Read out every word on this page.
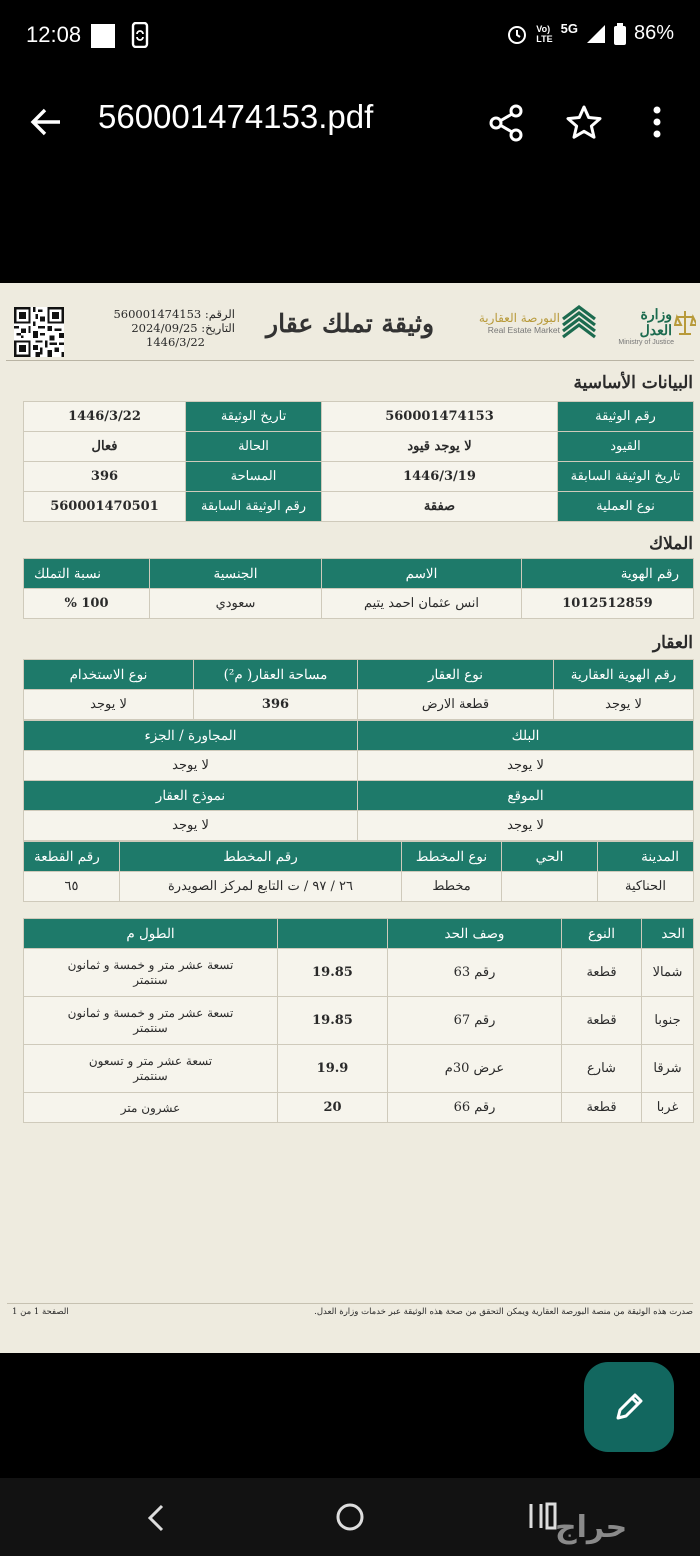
12:08	Vo)
LTE
5G	86%
560001474153.pdf
الرقم: 560001474153
التاريخ: 2024/09/25
1446/3/22
وثيقة تملك عقار	البورصة العقارية
Real Estate Market
وزارة العدل
Ministry of Justice
البيانات الأساسية
رقم الوثيقة	560001474153	تاريخ الوثيقة	1446/3/22
القيود	لا يوجد قيود	الحالة	فعال
تاريخ الوثيقة السابقة	1446/3/19	المساحة	396
نوع العملية	صفقة	رقم الوثيقة السابقة	560001470501
الملاك
رقم الهوية	الاسم	الجنسية	نسبة التملك
1012512859	انس عثمان احمد يتيم	سعودي	100 %
العقار
رقم الهوية العقارية	نوع العقار	مساحة العقار( م²)	نوع الاستخدام
لا يوجد	قطعة الارض	396	لا يوجد
البلك	المجاورة / الجزء
لا يوجد	لا يوجد
الموقع	نموذج العقار
لا يوجد	لا يوجد
المدينة	الحي	نوع المخطط	رقم المخطط	رقم القطعة
الحناكية		مخطط	٢٦ / ٩٧ / ت التابع لمركز الصويدرة	٦٥
الحد	النوع	وصف الحد		الطول م
شمالا	قطعة	رقم 63	19.85	تسعة عشر متر و خمسة و ثمانون سنتمتر
جنوبا	قطعة	رقم 67	19.85	تسعة عشر متر و خمسة و ثمانون سنتمتر
شرقا	شارع	عرض 30م	19.9	تسعة عشر متر و تسعون سنتمتر
غربا	قطعة	رقم 66	20	عشرون متر
صدرت هذه الوثيقة من منصة البورصة العقارية ويمكن التحقق من صحة هذه الوثيقة عبر خدمات وزارة العدل.
الصفحة 1 من 1
حراج
